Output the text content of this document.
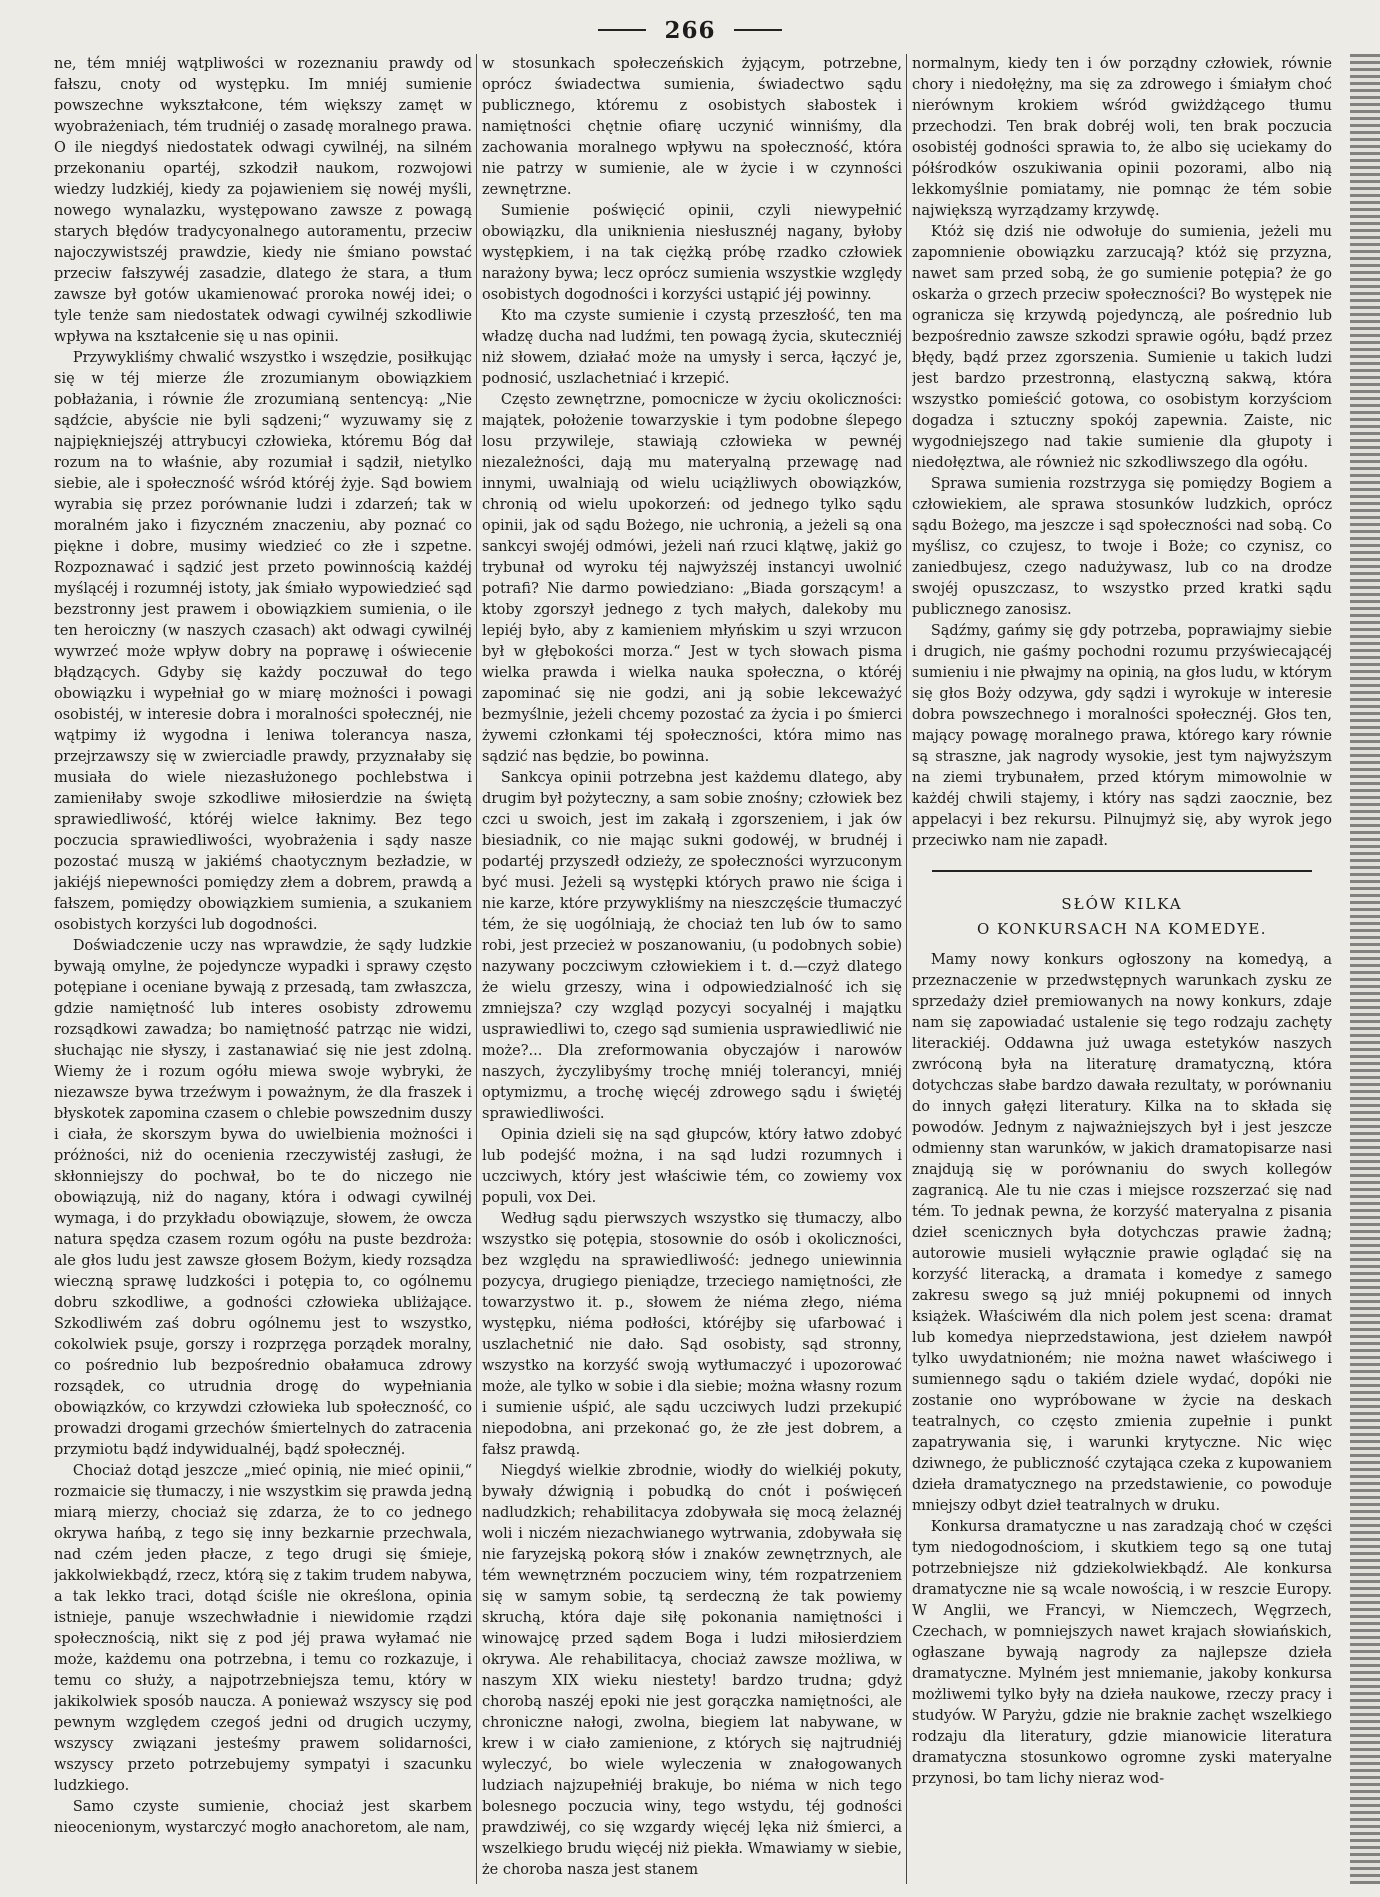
266

ne, tém mniéj wątpliwości w rozeznaniu prawdy od fałszu, cnoty od występku. Im mniéj sumienie powszechne wykształcone, tém większy zamęt w wyobrażeniach, tém trudniéj o zasadę moralnego prawa. O ile niegdyś niedostatek odwagi cywilnéj, na silném przekonaniu opartéj, szkodził naukom, rozwojowi wiedzy ludzkiéj, kiedy za pojawieniem się nowéj myśli, nowego wynalazku, występowano zawsze z powagą starych błędów tradycyonalnego autoramentu, przeciw najoczywistszéj prawdzie, kiedy nie śmiano powstać przeciw fałszywéj zasadzie, dlatego że stara, a tłum zawsze był gotów ukamienować proroka nowéj idei; o tyle tenże sam niedostatek odwagi cywilnéj szkodliwie wpływa na kształcenie się u nas opinii.

Przywykliśmy chwalić wszystko i wszędzie, posiłkując się w téj mierze źle zrozumianym obowiązkiem pobłażania, i równie źle zrozumianą sentencyą: „Nie sądźcie, abyście nie byli sądzeni;“ wyzuwamy się z najpiękniejszéj attrybucyi człowieka, któremu Bóg dał rozum na to właśnie, aby rozumiał i sądził, nietylko siebie, ale i społeczność wśród któréj żyje. Sąd bowiem wyrabia się przez porównanie ludzi i zdarzeń; tak w moralném jako i fizyczném znaczeniu, aby poznać co piękne i dobre, musimy wiedzieć co złe i szpetne. Rozpoznawać i sądzić jest przeto powinnością każdéj myślącéj i rozumnéj istoty, jak śmiało wypowiedzieć sąd bezstronny jest prawem i obowiązkiem sumienia, o ile ten heroiczny (w naszych czasach) akt odwagi cywilnéj wywrzeć może wpływ dobry na poprawę i oświecenie błądzących. Gdyby się każdy poczuwał do tego obowiązku i wypełniał go w miarę możności i powagi osobistéj, w interesie dobra i moralności społecznéj, nie wątpimy iż wygodna i leniwa tolerancya nasza, przejrzawszy się w zwierciadle prawdy, przyznałaby się musiała do wiele niezasłużonego pochlebstwa i zamieniłaby swoje szkodliwe miłosierdzie na świętą sprawiedliwość, któréj wielce łaknimy. Bez tego poczucia sprawiedliwości, wyobrażenia i sądy nasze pozostać muszą w jakiémś chaotycznym bezładzie, w jakiéjś niepewności pomiędzy złem a dobrem, prawdą a fałszem, pomiędzy obowiązkiem sumienia, a szukaniem osobistych korzyści lub dogodności.

Doświadczenie uczy nas wprawdzie, że sądy ludzkie bywają omylne, że pojedyncze wypadki i sprawy często potępiane i oceniane bywają z przesadą, tam zwłaszcza, gdzie namiętność lub interes osobisty zdrowemu rozsądkowi zawadza; bo namiętność patrząc nie widzi, słuchając nie słyszy, i zastanawiać się nie jest zdolną. Wiemy że i rozum ogółu miewa swoje wybryki, że niezawsze bywa trzeźwym i poważnym, że dla fraszek i błyskotek zapomina czasem o chlebie powszednim duszy i ciała, że skorszym bywa do uwielbienia możności i próżności, niż do ocenienia rzeczywistéj zasługi, że skłonniejszy do pochwał, bo te do niczego nie obowiązują, niż do nagany, która i odwagi cywilnéj wymaga, i do przykładu obowiązuje, słowem, że owcza natura spędza czasem rozum ogółu na puste bezdroża: ale głos ludu jest zawsze głosem Bożym, kiedy rozsądza wieczną sprawę ludzkości i potępia to, co ogólnemu dobru szkodliwe, a godności człowieka ubliżające. Szkodliwém zaś dobru ogólnemu jest to wszystko, cokolwiek psuje, gorszy i rozprzęga porządek moralny, co pośrednio lub bezpośrednio obałamuca zdrowy rozsądek, co utrudnia drogę do wypełniania obowiązków, co krzywdzi człowieka lub społeczność, co prowadzi drogami grzechów śmiertelnych do zatracenia przymiotu bądź indywidualnéj, bądź społecznéj.

Chociaż dotąd jeszcze „mieć opinią, nie mieć opinii,“ rozmaicie się tłumaczy, i nie wszystkim się prawda jedną miarą mierzy, chociaż się zdarza, że to co jednego okrywa hańbą, z tego się inny bezkarnie przechwala, nad czém jeden płacze, z tego drugi się śmieje, jakkolwiekbądź, rzecz, którą się z takim trudem nabywa, a tak lekko traci, dotąd ściśle nie określona, opinia istnieje, panuje wszechwładnie i niewidomie rządzi społecznością, nikt się z pod jéj prawa wyłamać nie może, każdemu ona potrzebna, i temu co rozkazuje, i temu co służy, a najpotrzebniejsza temu, który w jakikolwiek sposób naucza. A ponieważ wszyscy się pod pewnym względem czegoś jedni od drugich uczymy, wszyscy związani jesteśmy prawem solidarności, wszyscy przeto potrzebujemy sympatyi i szacunku ludzkiego.

Samo czyste sumienie, chociaż jest skarbem nieocenionym, wystarczyć mogło anachoretom, ale nam,

w stosunkach społeczeńskich żyjącym, potrzebne, oprócz świadectwa sumienia, świadectwo sądu publicznego, któremu z osobistych słabostek i namiętności chętnie ofiarę uczynić winniśmy, dla zachowania moralnego wpływu na społeczność, która nie patrzy w sumienie, ale w życie i w czynności zewnętrzne.

Sumienie poświęcić opinii, czyli niewypełnić obowiązku, dla uniknienia niesłusznéj nagany, byłoby występkiem, i na tak ciężką próbę rzadko człowiek narażony bywa; lecz oprócz sumienia wszystkie względy osobistych dogodności i korzyści ustąpić jéj powinny.

Kto ma czyste sumienie i czystą przeszłość, ten ma władzę ducha nad ludźmi, ten powagą życia, skuteczniéj niż słowem, działać może na umysły i serca, łączyć je, podnosić, uszlachetniać i krzepić.

Często zewnętrzne, pomocnicze w życiu okoliczności: majątek, położenie towarzyskie i tym podobne ślepego losu przywileje, stawiają człowieka w pewnéj niezależności, dają mu materyalną przewagę nad innymi, uwalniają od wielu uciążliwych obowiązków, chronią od wielu upokorzeń: od jednego tylko sądu opinii, jak od sądu Bożego, nie uchronią, a jeżeli są ona sankcyi swojéj odmówi, jeżeli nań rzuci klątwę, jakiż go trybunał od wyroku téj najwyższéj instancyi uwolnić potrafi? Nie darmo powiedziano: „Biada gorszącym! a ktoby zgorszył jednego z tych małych, dalekoby mu lepiéj było, aby z kamieniem młyńskim u szyi wrzucon był w głębokości morza.“ Jest w tych słowach pisma wielka prawda i wielka nauka społeczna, o któréj zapominać się nie godzi, ani ją sobie lekceważyć bezmyślnie, jeżeli chcemy pozostać za życia i po śmierci żywemi członkami téj społeczności, która mimo nas sądzić nas będzie, bo powinna.

Sankcya opinii potrzebna jest każdemu dlatego, aby drugim był pożyteczny, a sam sobie znośny; człowiek bez czci u swoich, jest im zakałą i zgorszeniem, i jak ów biesiadnik, co nie mając sukni godowéj, w brudnéj i podartéj przyszedł odzieży, ze społeczności wyrzuconym być musi. Jeżeli są występki których prawo nie ściga i nie karze, które przywykliśmy na nieszczęście tłumaczyć tém, że się uogólniają, że chociaż ten lub ów to samo robi, jest przecież w poszanowaniu, (u podobnych sobie) nazywany poczciwym człowiekiem i t. d.—czyż dlatego że wielu grzeszy, wina i odpowiedzialność ich się zmniejsza? czy wzgląd pozycyi socyalnéj i majątku usprawiedliwi to, czego sąd sumienia usprawiedliwić nie może?... Dla zreformowania obyczajów i narowów naszych, życzylibyśmy trochę mniéj tolerancyi, mniéj optymizmu, a trochę więcéj zdrowego sądu i świętéj sprawiedliwości.

Opinia dzieli się na sąd głupców, który łatwo zdobyć lub podejść można, i na sąd ludzi rozumnych i uczciwych, który jest właściwie tém, co zowiemy vox populi, vox Dei.

Według sądu pierwszych wszystko się tłumaczy, albo wszystko się potępia, stosownie do osób i okoliczności, bez względu na sprawiedliwość: jednego uniewinnia pozycya, drugiego pieniądze, trzeciego namiętności, złe towarzystwo it. p., słowem że niéma złego, niéma występku, niéma podłości, któréjby się ufarbować i uszlachetnić nie dało. Sąd osobisty, sąd stronny, wszystko na korzyść swoją wytłumaczyć i upozorować może, ale tylko w sobie i dla siebie; można własny rozum i sumienie uśpić, ale sądu uczciwych ludzi przekupić niepodobna, ani przekonać go, że złe jest dobrem, a fałsz prawdą.

Niegdyś wielkie zbrodnie, wiodły do wielkiéj pokuty, bywały dźwignią i pobudką do cnót i poświęceń nadludzkich; rehabilitacya zdobywała się mocą żelaznéj woli i niczém niezachwianego wytrwania, zdobywała się nie faryzejską pokorą słów i znaków zewnętrznych, ale tém wewnętrzném poczuciem winy, tém rozpatrzeniem się w samym sobie, tą serdeczną że tak powiemy skruchą, która daje siłę pokonania namiętności i winowajcę przed sądem Boga i ludzi miłosierdziem okrywa. Ale rehabilitacya, chociaż zawsze możliwa, w naszym XIX wieku niestety! bardzo trudna; gdyż chorobą naszéj epoki nie jest gorączka namiętności, ale chroniczne nałogi, zwolna, biegiem lat nabywane, w krew i w ciało zamienione, z których się najtrudniéj wyleczyć, bo wiele wyleczenia w znałogowanych ludziach najzupełniéj brakuje, bo niéma w nich tego bolesnego poczucia winy, tego wstydu, téj godności prawdziwéj, co się wzgardy więcéj lęka niż śmierci, a wszelkiego brudu więcéj niż piekła. Wmawiamy w siebie, że choroba nasza jest stanem

normalnym, kiedy ten i ów porządny człowiek, równie chory i niedołężny, ma się za zdrowego i śmiałym choć nierównym krokiem wśród gwiżdżącego tłumu przechodzi. Ten brak dobréj woli, ten brak poczucia osobistéj godności sprawia to, że albo się uciekamy do półśrodków oszukiwania opinii pozorami, albo nią lekkomyślnie pomiatamy, nie pomnąc że tém sobie największą wyrządzamy krzywdę.

Któż się dziś nie odwołuje do sumienia, jeżeli mu zapomnienie obowiązku zarzucają? któż się przyzna, nawet sam przed sobą, że go sumienie potępia? że go oskarża o grzech przeciw społeczności? Bo występek nie ogranicza się krzywdą pojedynczą, ale pośrednio lub bezpośrednio zawsze szkodzi sprawie ogółu, bądź przez błędy, bądź przez zgorszenia. Sumienie u takich ludzi jest bardzo przestronną, elastyczną sakwą, która wszystko pomieścić gotowa, co osobistym korzyściom dogadza i sztuczny spokój zapewnia. Zaiste, nic wygodniejszego nad takie sumienie dla głupoty i niedołęztwa, ale również nic szkodliwszego dla ogółu.

Sprawa sumienia rozstrzyga się pomiędzy Bogiem a człowiekiem, ale sprawa stosunków ludzkich, oprócz sądu Bożego, ma jeszcze i sąd społeczności nad sobą. Co myślisz, co czujesz, to twoje i Boże; co czynisz, co zaniedbujesz, czego nadużywasz, lub co na drodze swojéj opuszczasz, to wszystko przed kratki sądu publicznego zanosisz.

Sądźmy, gańmy się gdy potrzeba, poprawiajmy siebie i drugich, nie gaśmy pochodni rozumu przyświecającéj sumieniu i nie płwajmy na opinią, na głos ludu, w którym się głos Boży odzywa, gdy sądzi i wyrokuje w interesie dobra powszechnego i moralności społecznéj. Głos ten, mający powagę moralnego prawa, którego kary równie są straszne, jak nagrody wysokie, jest tym najwyższym na ziemi trybunałem, przed którym mimowolnie w każdéj chwili stajemy, i który nas sądzi zaocznie, bez appelacyi i bez rekursu. Pilnujmyż się, aby wyrok jego przeciwko nam nie zapadł.

SŁÓW KILKA
O KONKURSACH NA KOMEDYE.

Mamy nowy konkurs ogłoszony na komedyą, a przeznaczenie w przedwstępnych warunkach zysku ze sprzedaży dzieł premiowanych na nowy konkurs, zdaje nam się zapowiadać ustalenie się tego rodzaju zachęty literackiéj. Oddawna już uwaga estetyków naszych zwróconą była na literaturę dramatyczną, która dotychczas słabe bardzo dawała rezultaty, w porównaniu do innych gałęzi literatury. Kilka na to składa się powodów. Jednym z najważniejszych był i jest jeszcze odmienny stan warunków, w jakich dramatopisarze nasi znajdują się w porównaniu do swych kollegów zagranicą. Ale tu nie czas i miejsce rozszerzać się nad tém. To jednak pewna, że korzyść materyalna z pisania dzieł scenicznych była dotychczas prawie żadną; autorowie musieli wyłącznie prawie oglądać się na korzyść literacką, a dramata i komedye z samego zakresu swego są już mniéj pokupnemi od innych książek. Właściwém dla nich polem jest scena: dramat lub komedya nieprzedstawiona, jest dziełem nawpół tylko uwydatnioném; nie można nawet właściwego i sumiennego sądu o takiém dziele wydać, dopóki nie zostanie ono wypróbowane w życie na deskach teatralnych, co często zmienia zupełnie i punkt zapatrywania się, i warunki krytyczne. Nic więc dziwnego, że publiczność czytająca czeka z kupowaniem dzieła dramatycznego na przedstawienie, co powoduje mniejszy odbyt dzieł teatralnych w druku.

Konkursa dramatyczne u nas zaradzają choć w części tym niedogodnościom, i skutkiem tego są one tutaj potrzebniejsze niż gdziekolwiekbądź. Ale konkursa dramatyczne nie są wcale nowością, i w reszcie Europy. W Anglii, we Francyi, w Niemczech, Węgrzech, Czechach, w pomniejszych nawet krajach słowiańskich, ogłaszane bywają nagrody za najlepsze dzieła dramatyczne. Mylném jest mniemanie, jakoby konkursa możliwemi tylko były na dzieła naukowe, rzeczy pracy i studyów. W Paryżu, gdzie nie braknie zachęt wszelkiego rodzaju dla literatury, gdzie mianowicie literatura dramatyczna stosunkowo ogromne zyski materyalne przynosi, bo tam lichy nieraz wod-
